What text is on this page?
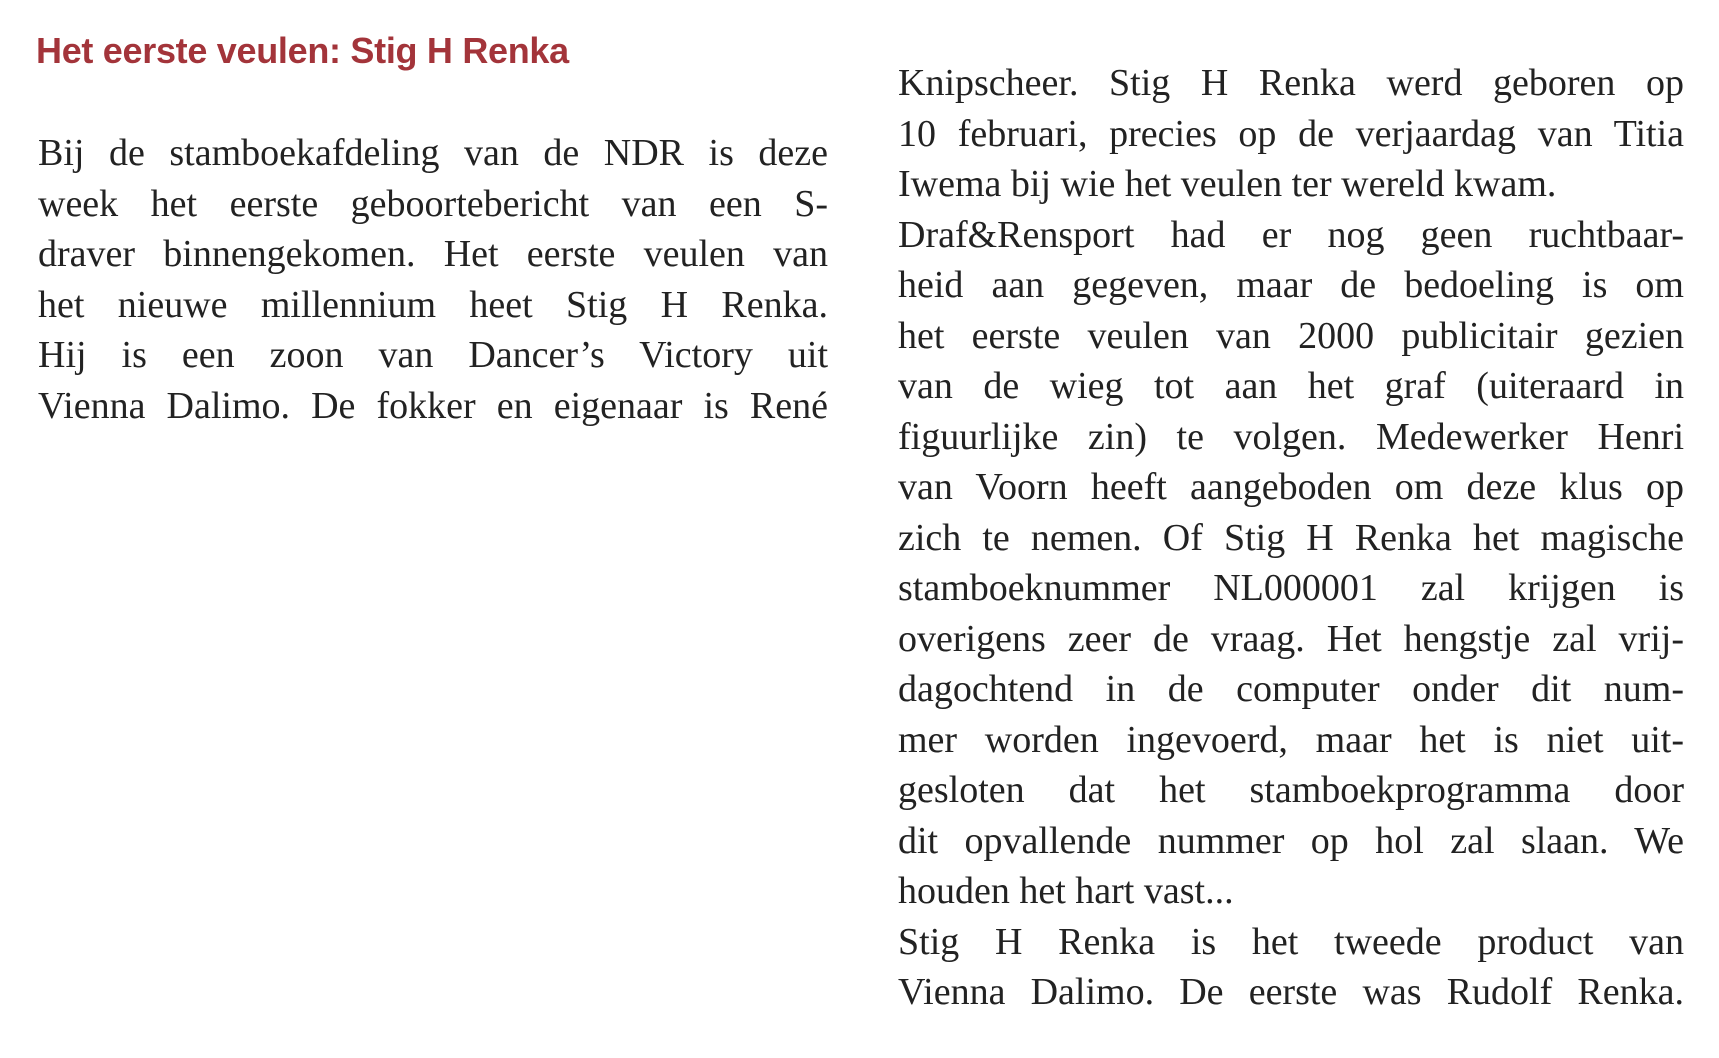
Het eerste veulen: Stig H Renka

Bij de stamboekafdeling van de NDR is deze

week het eerste geboortebericht van een S-

draver binnengekomen. Het eerste veulen van

het nieuwe millennium heet Stig H Renka.

Hij is een zoon van Dancer’s Victory uit

Vienna Dalimo. De fokker en eigenaar is René

Knipscheer. Stig H Renka werd geboren op

10 februari, precies op de verjaardag van Titia

Iwema bij wie het veulen ter wereld kwam.

Draf&Rensport had er nog geen ruchtbaar-

heid aan gegeven, maar de bedoeling is om

het eerste veulen van 2000 publicitair gezien

van de wieg tot aan het graf (uiteraard in

figuurlijke zin) te volgen. Medewerker Henri

van Voorn heeft aangeboden om deze klus op

zich te nemen. Of Stig H Renka het magische

stamboeknummer NL000001 zal krijgen is

overigens zeer de vraag. Het hengstje zal vrij-

dagochtend in de computer onder dit num-

mer worden ingevoerd, maar het is niet uit-

gesloten dat het stamboekprogramma door

dit opvallende nummer op hol zal slaan. We

houden het hart vast...

Stig H Renka is het tweede product van

Vienna Dalimo. De eerste was Rudolf Renka.
